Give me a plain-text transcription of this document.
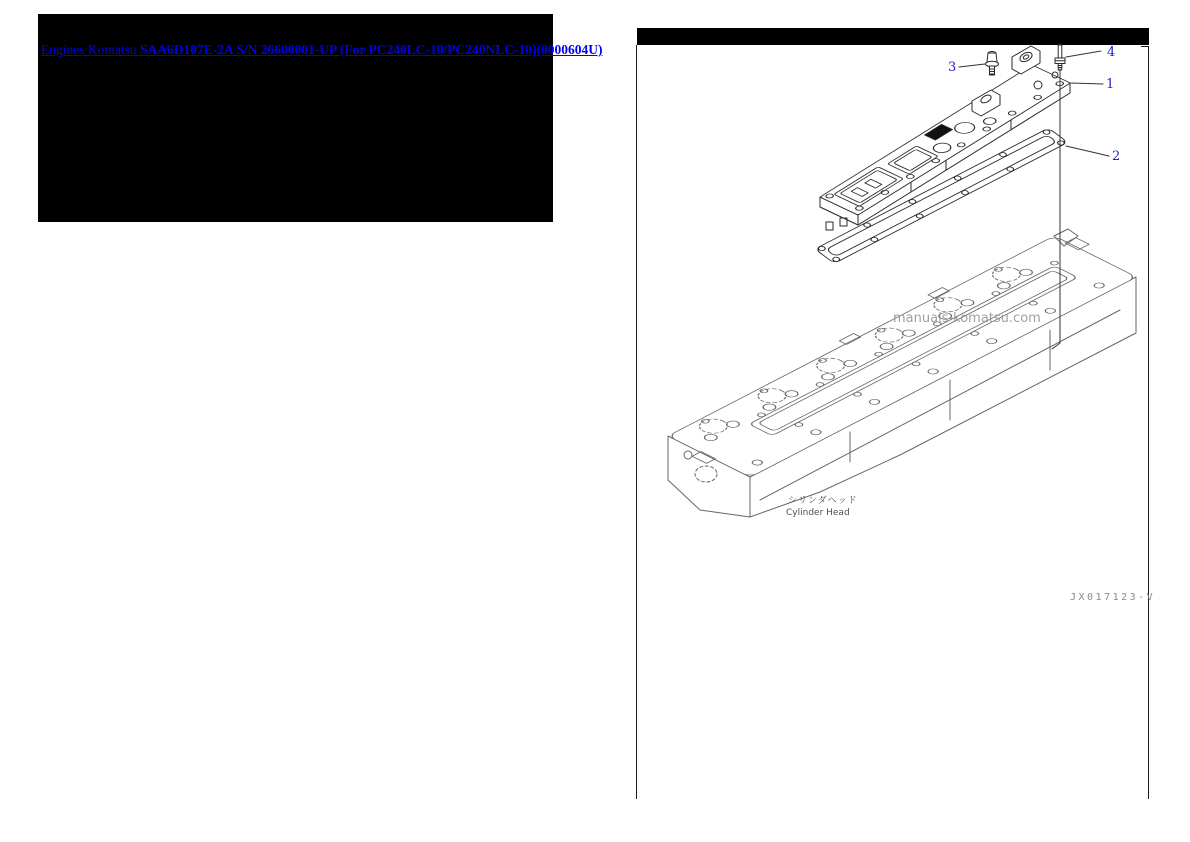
Engines Komatsu SAA6D107E-2A S/N 26600001-UP (For PC240LC-10/PC240NLC-10)(0000604U)
1
2
3
4
シリンダヘッド
Cylinder Head
JX017123-V
manuals-komatsu.com
